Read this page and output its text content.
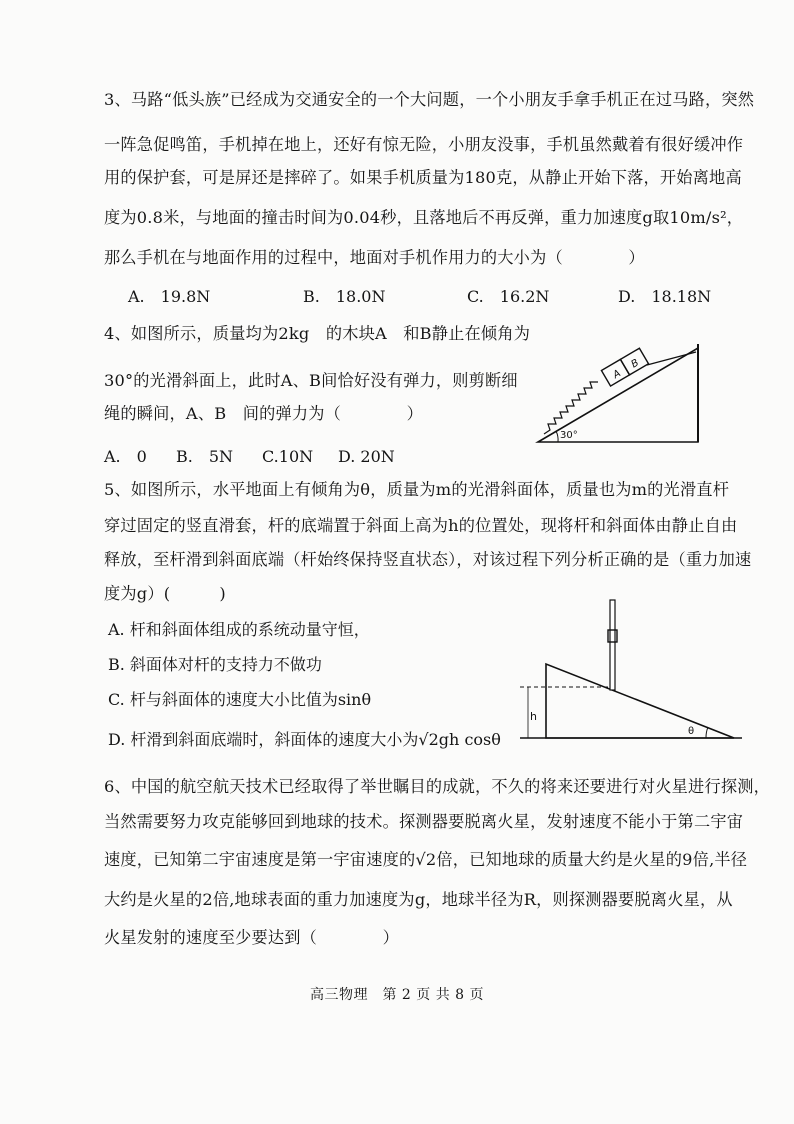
3、马路“低头族”已经成为交通安全的一个大问题，一个小朋友手拿手机正在过马路，突然
一阵急促鸣笛，手机掉在地上，还好有惊无险，小朋友没事，手机虽然戴着有很好缓冲作
用的保护套，可是屏还是摔碎了。如果手机质量为180克，从静止开始下落，开始离地高
度为0.8米，与地面的撞击时间为0.04秒，且落地后不再反弹，重力加速度g取10m/s²，
那么手机在与地面作用的过程中，地面对手机作用力的大小为（　　　　）
A.　19.8N	B.　18.0N	C.　16.2N	D.　18.18N
4、如图所示，质量均为2kg　的木块A　和B静止在倾角为
30°的光滑斜面上，此时A、B间恰好没有弹力，则剪断细
绳的瞬间，A、B　间的弹力为（　　　　）
A.　0 B.　5N C.10N D. 20N
A
B
30°
5、如图所示，水平地面上有倾角为θ，质量为m的光滑斜面体，质量也为m的光滑直杆
穿过固定的竖直滑套，杆的底端置于斜面上高为h的位置处，现将杆和斜面体由静止自由
释放，至杆滑到斜面底端（杆始终保持竖直状态），对该过程下列分析正确的是（重力加速
度为g）(　　　)
A. 杆和斜面体组成的系统动量守恒，
B. 斜面体对杆的支持力不做功
C. 杆与斜面体的速度大小比值为sinθ
D. 杆滑到斜面底端时，斜面体的速度大小为√2gh cosθ
h
θ
6、中国的航空航天技术已经取得了举世瞩目的成就，不久的将来还要进行对火星进行探测，
当然需要努力攻克能够回到地球的技术。探测器要脱离火星，发射速度不能小于第二宇宙
速度，已知第二宇宙速度是第一宇宙速度的√2倍，已知地球的质量大约是火星的9倍,半径
大约是火星的2倍,地球表面的重力加速度为g，地球半径为R，则探测器要脱离火星，从
火星发射的速度至少要达到（　　　　）
高三物理　第 2 页 共 8 页
